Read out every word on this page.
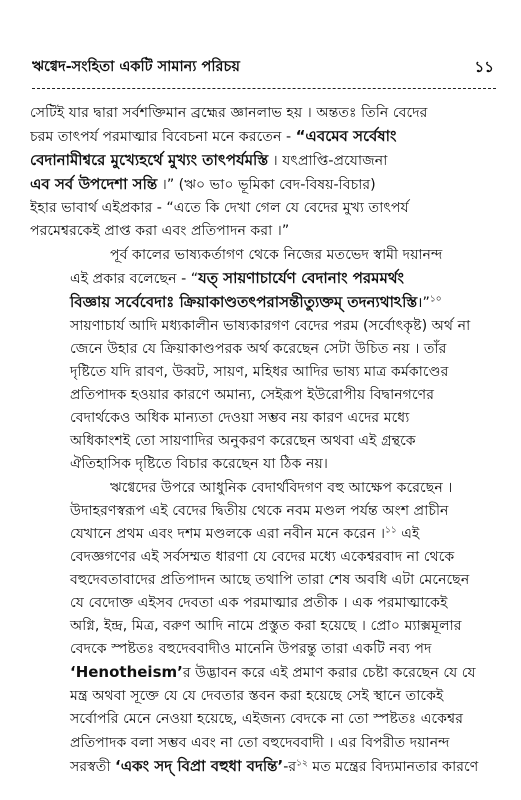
ঋগ্বেদ-সংহিতা একটি সামান্য পরিচয়	১১

সেটিই যার দ্বারা সর্বশক্তিমান ব্রহ্মের জ্ঞানলাভ হয় । অন্ততঃ তিনি বেদের
চরম তাৎপর্য পরমাত্মার বিবেচনা মনে করতেন - “এবমেব সর্বেষাং
বেদানামীশ্বরে মুখ্যেহর্থে মুখ্যং তাৎপর্যমস্তি । যৎপ্রাপ্তি-প্রযোজনা
এব সর্ব উপদেশা সন্তি ।” (ঋ০ ভা০ ভূমিকা বেদ-বিষয়-বিচার)
ইহার ভাবার্থ এইপ্রকার - “এতে কি দেখা গেল যে বেদের মুখ্য তাৎপর্য
পরমেশ্বরকেই প্রাপ্ত করা এবং প্রতিপাদন করা ।”

পূর্ব কালের ভাষ্যকর্তাগণ থেকে নিজের মতভেদ স্বামী দয়ানন্দ
এই প্রকার বলেছেন - “যত্ সায়ণাচার্যেণ বেদানাং পরমমর্থং
বিজ্ঞায় সর্বেবেদাঃ ক্রিয়াকাণ্ডতৎপরাসন্তীত্যুক্তম্ তদন্যথাঽস্তি।”$^{১০}$
সায়ণাচার্য আদি মধ্যকালীন ভাষ্যকারগণ বেদের পরম (সর্বোৎকৃষ্ট) অর্থ না
জেনে উহার যে ক্রিয়াকাণ্ডপরক অর্থ করেছেন সেটা উচিত নয় । তাঁর
দৃষ্টিতে যদি রাবণ, উব্বট, সায়ণ, মহিধর আদির ভাষ্য মাত্র কর্মকাণ্ডের
প্রতিপাদক হওয়ার কারণে অমান্য, সেইরূপ ইউরোপীয় বিদ্বানগণের
বেদার্থকেও অধিক মান্যতা দেওয়া সম্ভব নয় কারণ এদের মধ্যে
অধিকাংশই তো সায়ণাদির অনুকরণ করেছেন অথবা এই গ্রন্থকে
ঐতিহাসিক দৃষ্টিতে বিচার করেছেন যা ঠিক নয়।

ঋগ্বেদের উপরে আধুনিক বেদার্থবিদগণ বহু আক্ষেপ করেছেন ।
উদাহরণস্বরূপ এই বেদের দ্বিতীয় থেকে নবম মণ্ডল পর্যন্ত অংশ প্রাচীন
যেখানে প্রথম এবং দশম মণ্ডলকে এরা নবীন মনে করেন ।$^{১১}$ এই
বেদজ্ঞগণের এই সর্বসম্মত ধারণা যে বেদের মধ্যে একেশ্বরবাদ না থেকে
বহুদেবতাবাদের প্রতিপাদন আছে তথাপি তারা শেষ অবধি এটা মেনেছেন
যে বেদোক্ত এইসব দেবতা এক পরমাত্মার প্রতীক । এক পরমাত্মাকেই
অগ্নি, ইন্দ্র, মিত্র, বরুণ আদি নামে প্রস্তুত করা হয়েছে । প্রো০ ম্যাক্সমূলার
বেদকে স্পষ্টতঃ বহুদেববাদীও মানেনি উপরন্তু তারা একটি নব্য পদ
‘Henotheism’র উদ্ভাবন করে এই প্রমাণ করার চেষ্টা করেছেন যে যে
মন্ত্র অথবা সূক্তে যে যে দেবতার স্তবন করা হয়েছে সেই স্থানে তাকেই
সর্বোপরি মেনে নেওয়া হয়েছে, এইজন্য বেদকে না তো স্পষ্টতঃ একেশ্বর
প্রতিপাদক বলা সম্ভব এবং না তো বহুদেববাদী । এর বিপরীত দয়ানন্দ
সরস্বতী ‘একং সদ্ বিপ্রা বহুধা বদন্তি’-র$^{১২}$ মত মন্ত্রের বিদ্যমানতার কারণে
